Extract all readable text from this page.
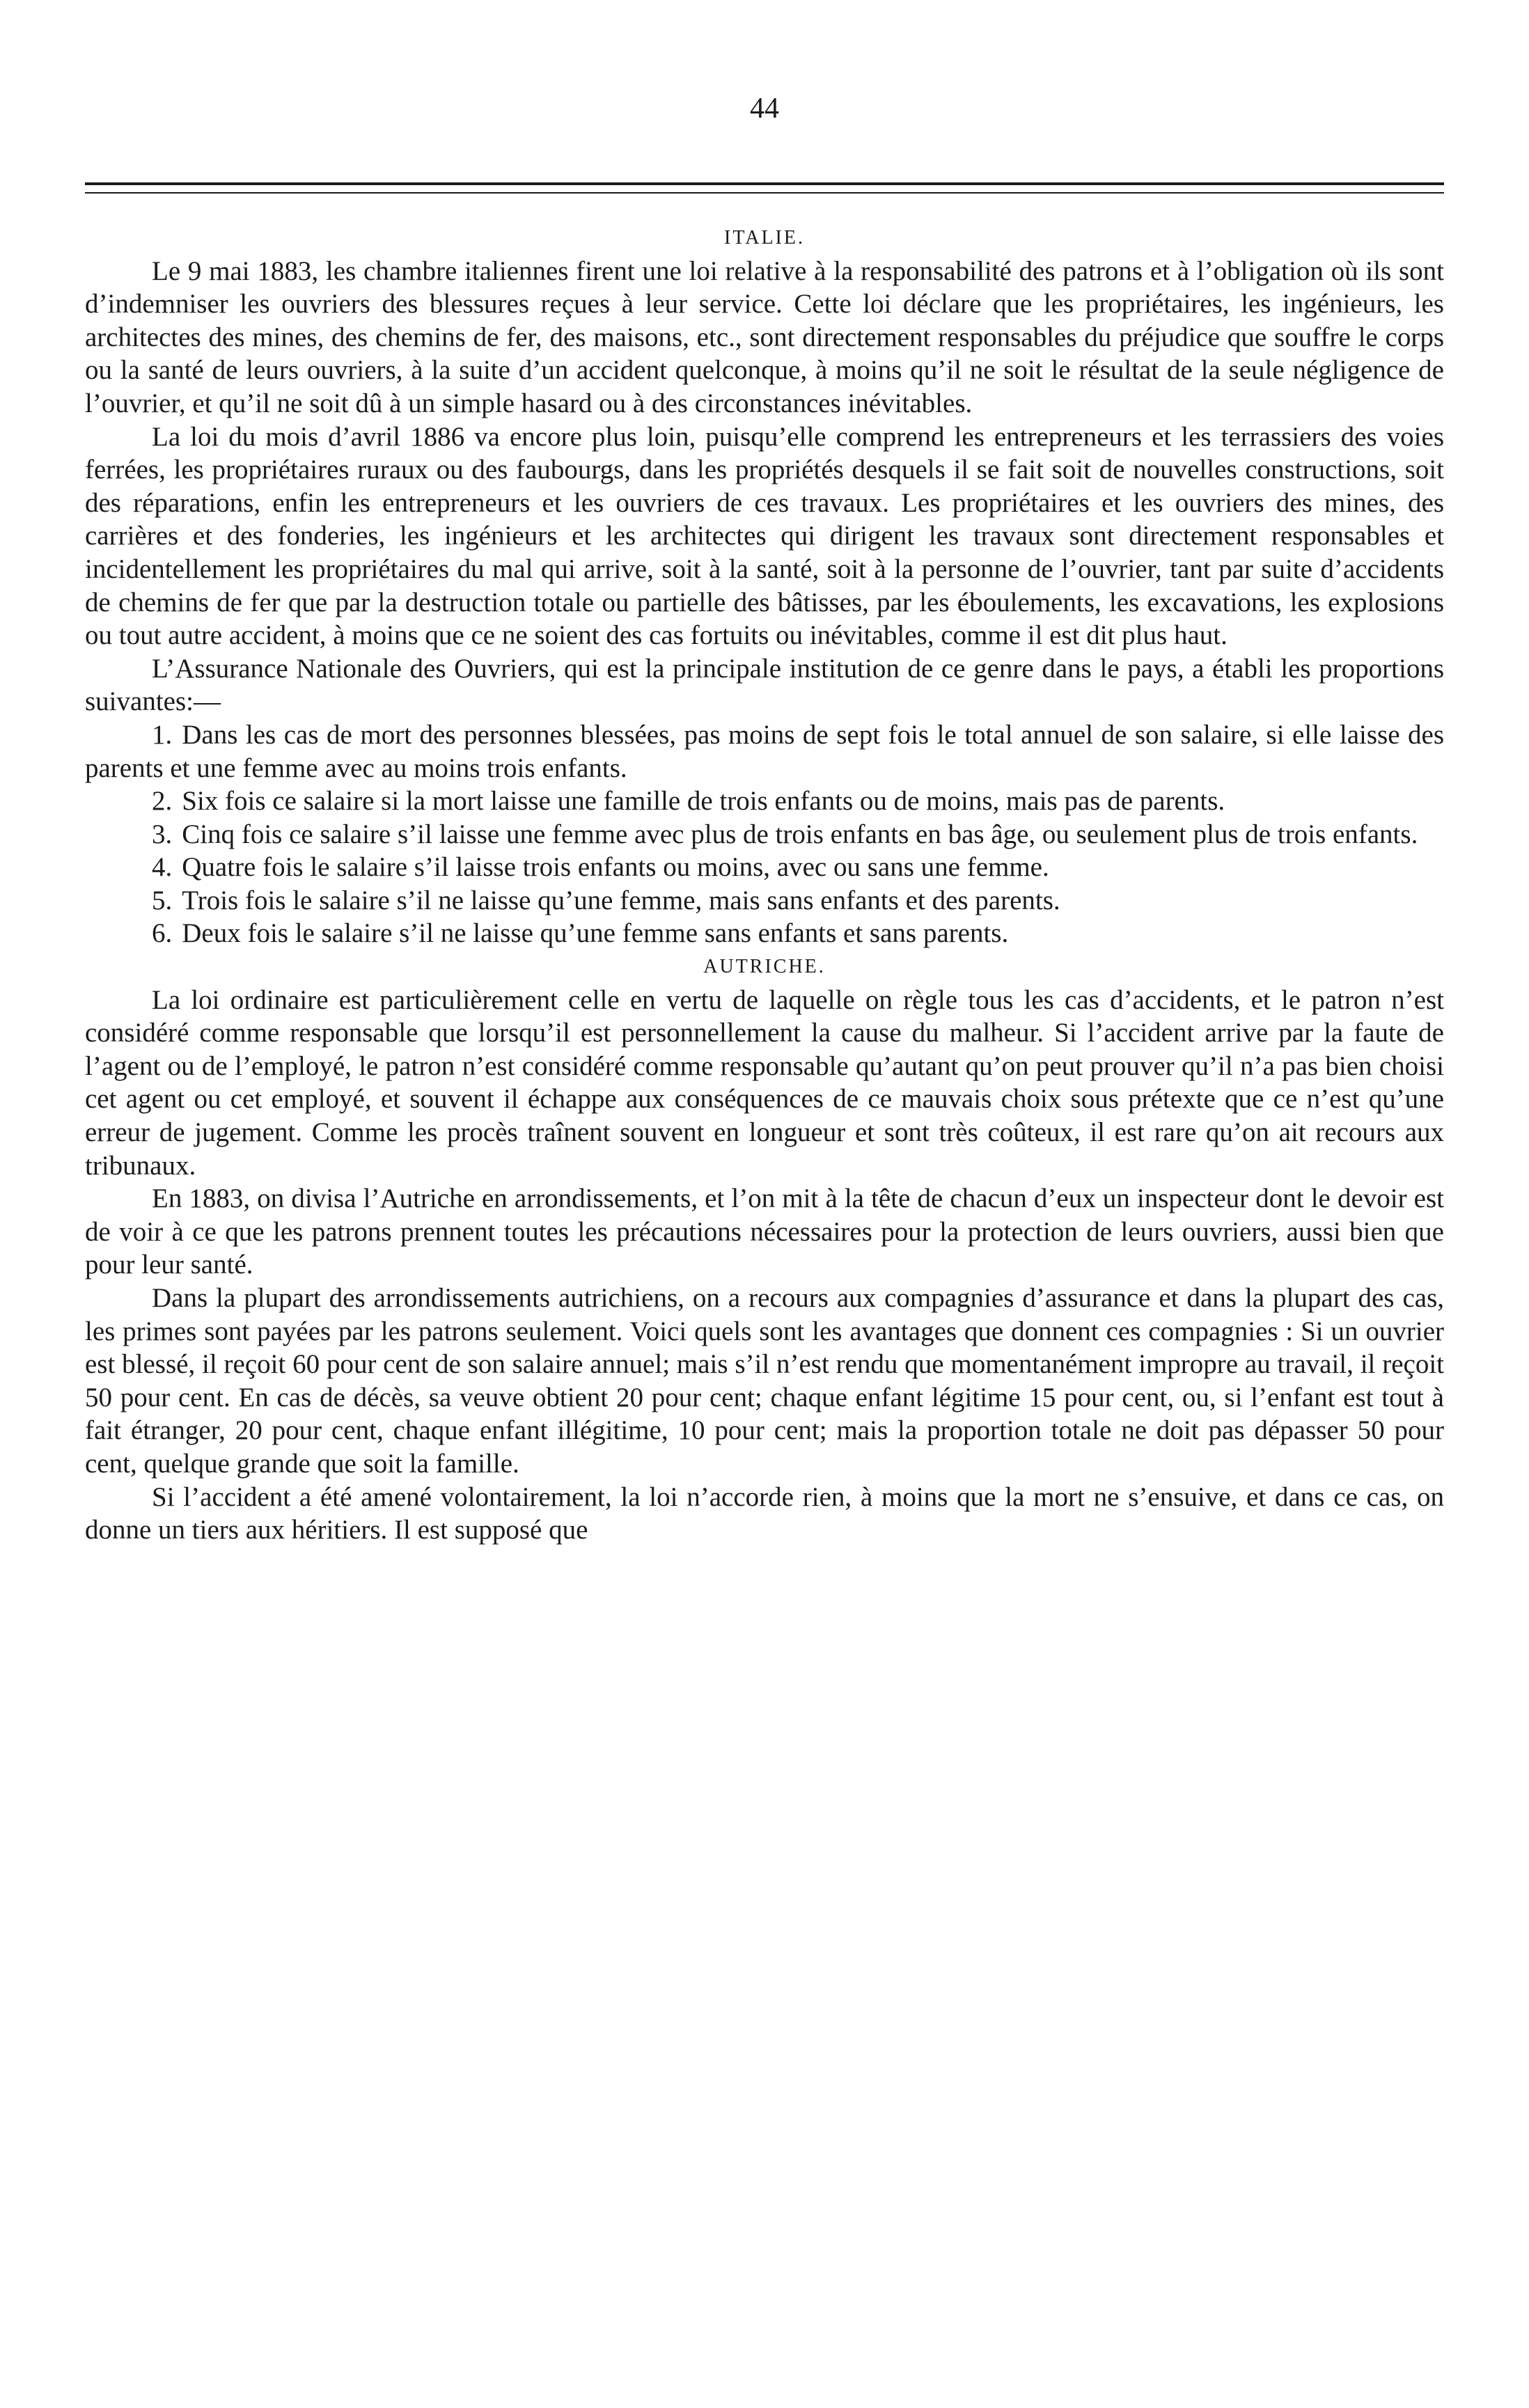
44
ITALIE.

Le 9 mai 1883, les chambre italiennes firent une loi relative à la responsabilité des patrons et à l’obligation où ils sont d’indemniser les ouvriers des blessures reçues à leur service. Cette loi déclare que les propriétaires, les ingénieurs, les architectes des mines, des chemins de fer, des maisons, etc., sont directement responsables du préjudice que souffre le corps ou la santé de leurs ouvriers, à la suite d’un accident quelconque, à moins qu’il ne soit le résultat de la seule négligence de l’ouvrier, et qu’il ne soit dû à un simple hasard ou à des circonstances inévitables.

La loi du mois d’avril 1886 va encore plus loin, puisqu’elle comprend les entrepreneurs et les terrassiers des voies ferrées, les propriétaires ruraux ou des faubourgs, dans les propriétés desquels il se fait soit de nouvelles constructions, soit des réparations, enfin les entrepreneurs et les ouvriers de ces travaux. Les propriétaires et les ouvriers des mines, des carrières et des fonderies, les ingénieurs et les architectes qui dirigent les travaux sont directement responsables et incidentellement les propriétaires du mal qui arrive, soit à la santé, soit à la personne de l’ouvrier, tant par suite d’accidents de chemins de fer que par la destruction totale ou partielle des bâtisses, par les éboulements, les excavations, les explosions ou tout autre accident, à moins que ce ne soient des cas fortuits ou inévitables, comme il est dit plus haut.

L’Assurance Nationale des Ouvriers, qui est la principale institution de ce genre dans le pays, a établi les proportions suivantes:—

1. Dans les cas de mort des personnes blessées, pas moins de sept fois le total annuel de son salaire, si elle laisse des parents et une femme avec au moins trois enfants.

2. Six fois ce salaire si la mort laisse une famille de trois enfants ou de moins, mais pas de parents.

3. Cinq fois ce salaire s’il laisse une femme avec plus de trois enfants en bas âge, ou seulement plus de trois enfants.

4. Quatre fois le salaire s’il laisse trois enfants ou moins, avec ou sans une femme.

5. Trois fois le salaire s’il ne laisse qu’une femme, mais sans enfants et des parents.

6. Deux fois le salaire s’il ne laisse qu’une femme sans enfants et sans parents.

AUTRICHE.

La loi ordinaire est particulièrement celle en vertu de laquelle on règle tous les cas d’accidents, et le patron n’est considéré comme responsable que lorsqu’il est personnellement la cause du malheur. Si l’accident arrive par la faute de l’agent ou de l’employé, le patron n’est considéré comme responsable qu’autant qu’on peut prouver qu’il n’a pas bien choisi cet agent ou cet employé, et souvent il échappe aux conséquences de ce mauvais choix sous prétexte que ce n’est qu’une erreur de jugement. Comme les procès traînent souvent en longueur et sont très coûteux, il est rare qu’on ait recours aux tribunaux.

En 1883, on divisa l’Autriche en arrondissements, et l’on mit à la tête de chacun d’eux un inspecteur dont le devoir est de voir à ce que les patrons prennent toutes les précautions nécessaires pour la protection de leurs ouvriers, aussi bien que pour leur santé.

Dans la plupart des arrondissements autrichiens, on a recours aux compagnies d’assurance et dans la plupart des cas, les primes sont payées par les patrons seulement. Voici quels sont les avantages que donnent ces compagnies : Si un ouvrier est blessé, il reçoit 60 pour cent de son salaire annuel; mais s’il n’est rendu que momentanément impropre au travail, il reçoit 50 pour cent. En cas de décès, sa veuve obtient 20 pour cent; chaque enfant légitime 15 pour cent, ou, si l’enfant est tout à fait étranger, 20 pour cent, chaque enfant illégitime, 10 pour cent; mais la proportion totale ne doit pas dépasser 50 pour cent, quelque grande que soit la famille.

Si l’accident a été amené volontairement, la loi n’accorde rien, à moins que la mort ne s’ensuive, et dans ce cas, on donne un tiers aux héritiers. Il est supposé que
